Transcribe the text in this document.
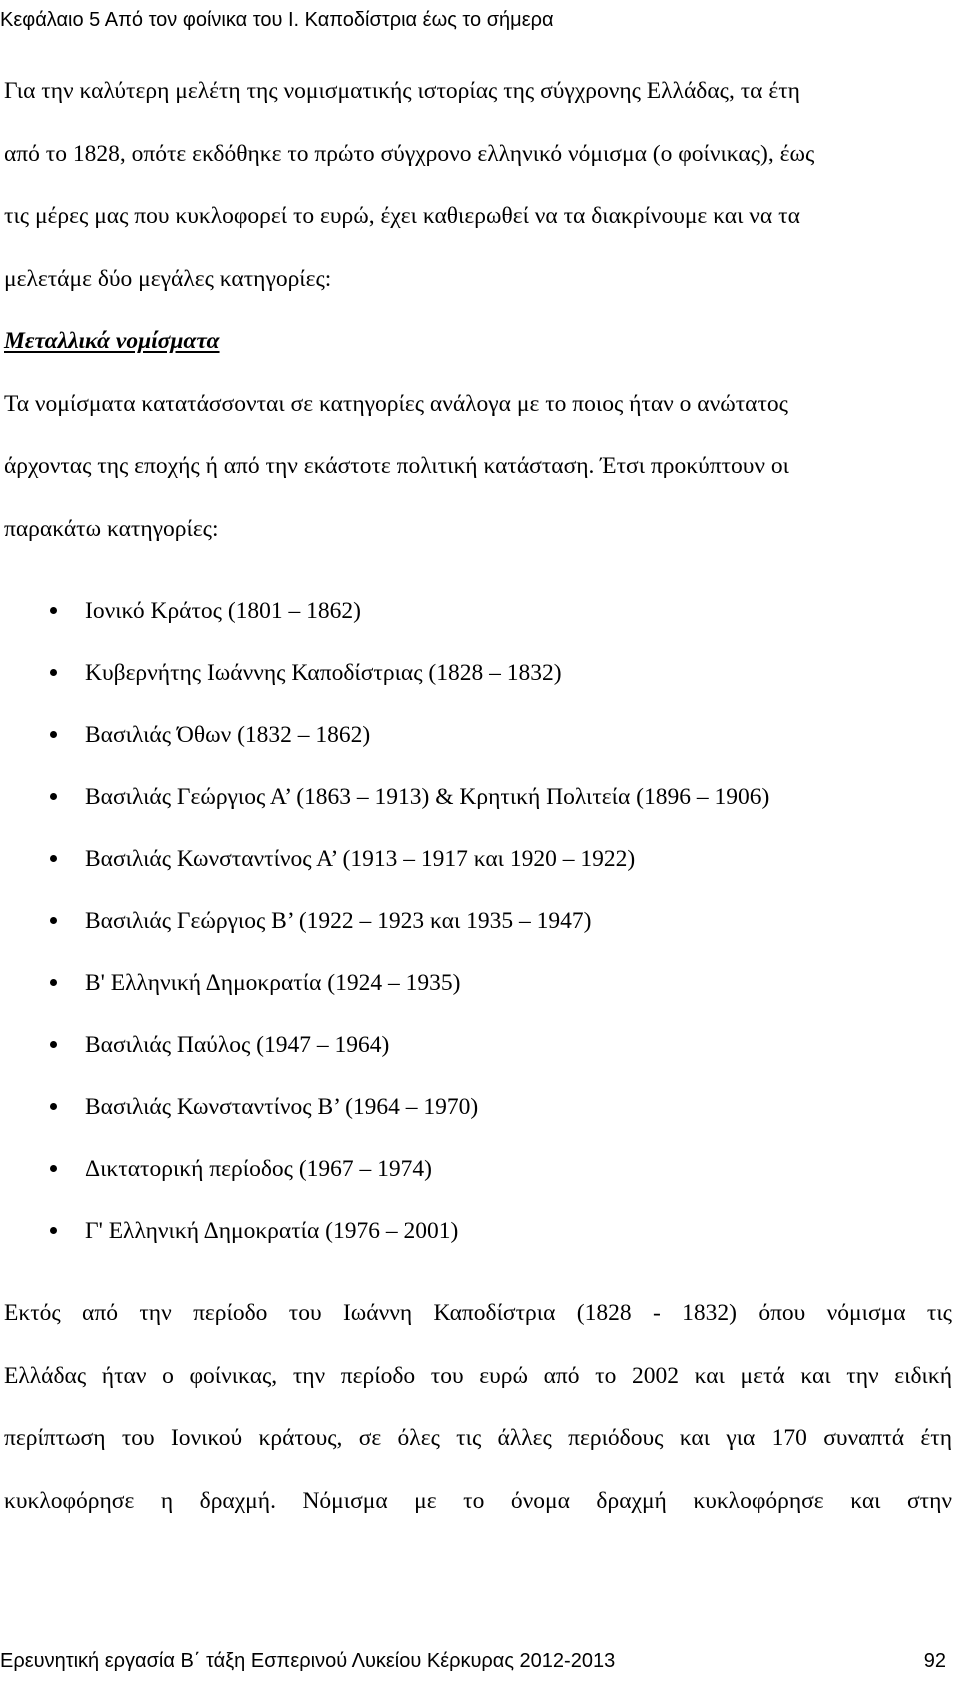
Κεφάλαιο 5 Από τον φοίνικα του Ι. Καποδίστρια έως το σήμερα

Για την καλύτερη μελέτη της νομισματικής ιστορίας της σύγχρονης Ελλάδας, τα έτη

από το 1828, οπότε εκδόθηκε το πρώτο σύγχρονο ελληνικό νόμισμα (ο φοίνικας), έως

τις μέρες μας που κυκλοφορεί το ευρώ, έχει καθιερωθεί να τα διακρίνουμε και να τα

μελετάμε δύο μεγάλες κατηγορίες:

Μεταλλικά νομίσματα

Τα νομίσματα κατατάσσονται σε κατηγορίες ανάλογα με το ποιος ήταν ο ανώτατος

άρχοντας της εποχής ή από την εκάστοτε πολιτική κατάσταση. Έτσι προκύπτουν οι

παρακάτω κατηγορίες:

Ιονικό Κράτος (1801 – 1862)
Κυβερνήτης Ιωάννης Καποδίστριας (1828 – 1832)
Βασιλιάς Όθων (1832 – 1862)
Βασιλιάς Γεώργιος Α’ (1863 – 1913) & Κρητική Πολιτεία (1896 – 1906)
Βασιλιάς Κωνσταντίνος Α’ (1913 – 1917 και 1920 – 1922)
Βασιλιάς Γεώργιος Β’ (1922 – 1923 και 1935 – 1947)
Β' Ελληνική Δημοκρατία (1924 – 1935)
Βασιλιάς Παύλος (1947 – 1964)
Βασιλιάς Κωνσταντίνος Β’ (1964 – 1970)
Δικτατορική περίοδος (1967 – 1974)
Γ' Ελληνική Δημοκρατία (1976 – 2001)

Εκτός από την περίοδο του Ιωάννη Καποδίστρια (1828 - 1832) όπου νόμισμα τις

Ελλάδας ήταν ο φοίνικας, την περίοδο του ευρώ από το 2002 και μετά και την ειδική

περίπτωση του Ιονικού κράτους, σε όλες τις άλλες περιόδους και για 170 συναπτά έτη

κυκλοφόρησε η δραχμή. Νόμισμα με το όνομα δραχμή κυκλοφόρησε και στην

Ερευνητική εργασία Β΄ τάξη Εσπερινού Λυκείου Κέρκυρας 2012-2013	92
